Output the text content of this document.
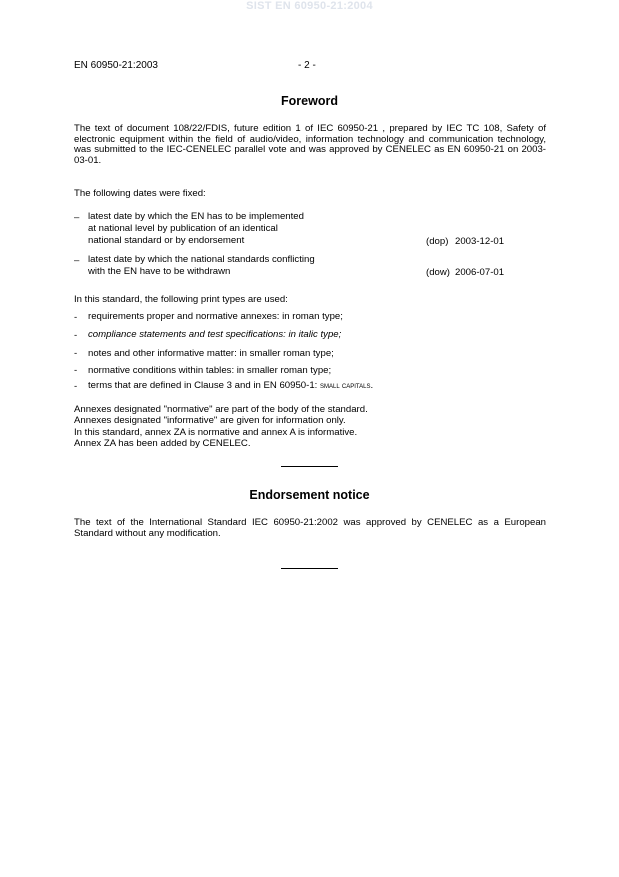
SIST EN 60950-21:2004
EN 60950-21:2003	- 2 -
Foreword
The text of document 108/22/FDIS, future edition 1 of IEC 60950-21 , prepared by IEC TC 108, Safety of electronic equipment within the field of audio/video, information technology and communication technology, was submitted to the IEC-CENELEC parallel vote and was approved by CENELEC as EN 60950-21 on 2003-03-01.
The following dates were fixed:
– latest date by which the EN has to be implemented
at national level by publication of an identical
national standard or by endorsement	(dop) 2003-12-01
– latest date by which the national standards conflicting
with the EN have to be withdrawn	(dow) 2006-07-01
In this standard, the following print types are used:
- requirements proper and normative annexes: in roman type;
- compliance statements and test specifications: in italic type;
- notes and other informative matter: in smaller roman type;
- normative conditions within tables: in smaller roman type;
- terms that are defined in Clause 3 and in EN 60950-1: small capitals.
Annexes designated "normative" are part of the body of the standard.
Annexes designated "informative" are given for information only.
In this standard, annex ZA is normative and annex A is informative.
Annex ZA has been added by CENELEC.
Endorsement notice
The text of the International Standard IEC 60950-21:2002 was approved by CENELEC as a European Standard without any modification.
